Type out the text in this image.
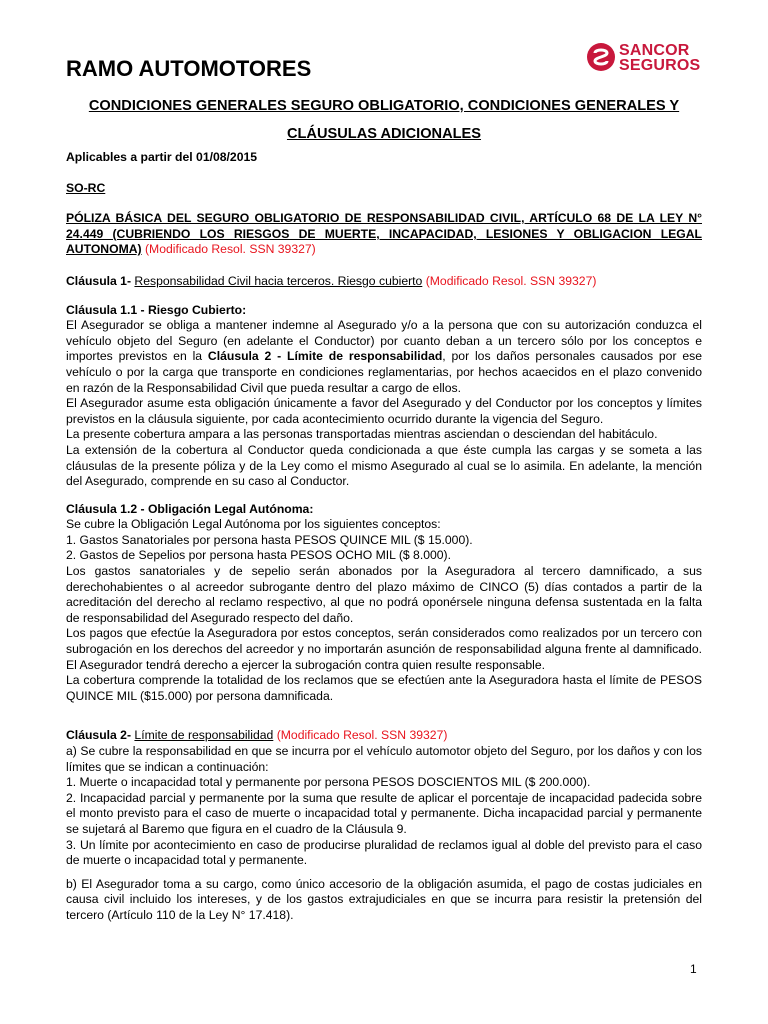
SANCOR
SEGUROS
RAMO AUTOMOTORES
CONDICIONES GENERALES SEGURO OBLIGATORIO, CONDICIONES GENERALES Y
CLÁUSULAS ADICIONALES

Aplicables a partir del 01/08/2015

SO-RC

PÓLIZA BÁSICA DEL SEGURO OBLIGATORIO DE RESPONSABILIDAD CIVIL, ARTÍCULO 68 DE LA LEY N° 24.449 (CUBRIENDO LOS RIESGOS DE MUERTE, INCAPACIDAD, LESIONES Y OBLIGACION LEGAL AUTONOMA) (Modificado Resol. SSN 39327)

Cláusula 1- Responsabilidad Civil hacia terceros. Riesgo cubierto (Modificado Resol. SSN 39327)

Cláusula 1.1 - Riesgo Cubierto:

El Asegurador se obliga a mantener indemne al Asegurado y/o a la persona que con su autorización conduzca el vehículo objeto del Seguro (en adelante el Conductor) por cuanto deban a un tercero sólo por los conceptos e importes previstos en la Cláusula 2 - Límite de responsabilidad, por los daños personales causados por ese vehículo o por la carga que transporte en condiciones reglamentarias, por hechos acaecidos en el plazo convenido en razón de la Responsabilidad Civil que pueda resultar a cargo de ellos.

El Asegurador asume esta obligación únicamente a favor del Asegurado y del Conductor por los conceptos y límites previstos en la cláusula siguiente, por cada acontecimiento ocurrido durante la vigencia del Seguro.

La presente cobertura ampara a las personas transportadas mientras asciendan o desciendan del habitáculo.

La extensión de la cobertura al Conductor queda condicionada a que éste cumpla las cargas y se someta a las cláusulas de la presente póliza y de la Ley como el mismo Asegurado al cual se lo asimila. En adelante, la mención del Asegurado, comprende en su caso al Conductor.

Cláusula 1.2 - Obligación Legal Autónoma:

Se cubre la Obligación Legal Autónoma por los siguientes conceptos:

1. Gastos Sanatoriales por persona hasta PESOS QUINCE MIL ($ 15.000).

2. Gastos de Sepelios por persona hasta PESOS OCHO MIL ($ 8.000).

Los gastos sanatoriales y de sepelio serán abonados por la Aseguradora al tercero damnificado, a sus derechohabientes o al acreedor subrogante dentro del plazo máximo de CINCO (5) días contados a partir de la acreditación del derecho al reclamo respectivo, al que no podrá oponérsele ninguna defensa sustentada en la falta de responsabilidad del Asegurado respecto del daño.

Los pagos que efectúe la Aseguradora por estos conceptos, serán considerados como realizados por un tercero con subrogación en los derechos del acreedor y no importarán asunción de responsabilidad alguna frente al damnificado. El Asegurador tendrá derecho a ejercer la subrogación contra quien resulte responsable.

La cobertura comprende la totalidad de los reclamos que se efectúen ante la Aseguradora hasta el límite de PESOS QUINCE MIL ($15.000) por persona damnificada.

Cláusula 2- Límite de responsabilidad (Modificado Resol. SSN 39327)

a) Se cubre la responsabilidad en que se incurra por el vehículo automotor objeto del Seguro, por los daños y con los límites que se indican a continuación:

1. Muerte o incapacidad total y permanente por persona PESOS DOSCIENTOS MIL ($ 200.000).

2. Incapacidad parcial y permanente por la suma que resulte de aplicar el porcentaje de incapacidad padecida sobre el monto previsto para el caso de muerte o incapacidad total y permanente. Dicha incapacidad parcial y permanente se sujetará al Baremo que figura en el cuadro de la Cláusula 9.

3. Un límite por acontecimiento en caso de producirse pluralidad de reclamos igual al doble del previsto para el caso de muerte o incapacidad total y permanente.

b) El Asegurador toma a su cargo, como único accesorio de la obligación asumida, el pago de costas judiciales en causa civil incluido los intereses, y de los gastos extrajudiciales en que se incurra para resistir la pretensión del tercero (Artículo 110 de la Ley N° 17.418).

1
